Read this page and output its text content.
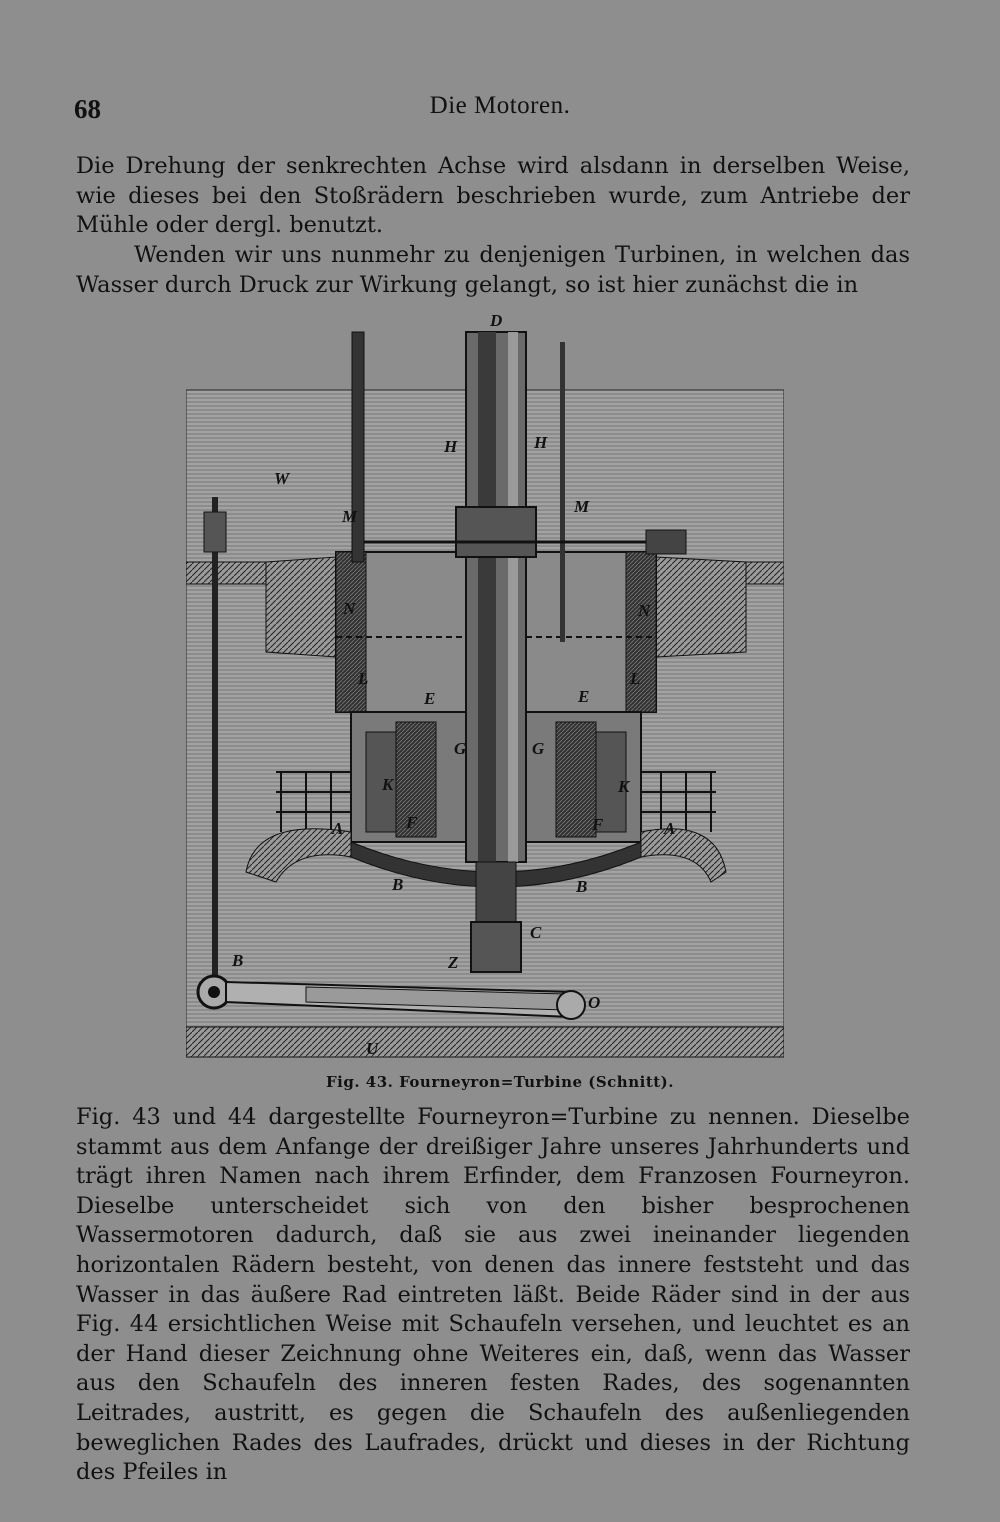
68	Die Motoren.

Die Drehung der senkrechten Achse wird alsdann in derselben Weise, wie dieses bei den Stoßrädern beschrieben wurde, zum Antriebe der Mühle oder dergl. benutzt.

Wenden wir uns nunmehr zu denjenigen Turbinen, in welchen das Wasser durch Druck zur Wirkung gelangt, so ist hier zunächst die in

D
H	H
W
M
M
N	N
L	L
E	E
G	G
K	K
F	F
A	A
B	B
B
C
Z
O
U
Fig. 43. Fourneyron=Turbine (Schnitt).

Fig. 43 und 44 dargestellte Fourneyron=Turbine zu nennen. Dieselbe stammt aus dem Anfange der dreißiger Jahre unseres Jahrhunderts und trägt ihren Namen nach ihrem Erfinder, dem Franzosen Fourneyron. Dieselbe unterscheidet sich von den bisher besprochenen Wassermotoren dadurch, daß sie aus zwei ineinander liegenden horizontalen Rädern besteht, von denen das innere feststeht und das Wasser in das äußere Rad eintreten läßt. Beide Räder sind in der aus Fig. 44 ersichtlichen Weise mit Schaufeln versehen, und leuchtet es an der Hand dieser Zeichnung ohne Weiteres ein, daß, wenn das Wasser aus den Schaufeln des inneren festen Rades, des sogenannten Leitrades, austritt, es gegen die Schaufeln des außenliegenden beweglichen Rades des Laufrades, drückt und dieses in der Richtung des Pfeiles in
